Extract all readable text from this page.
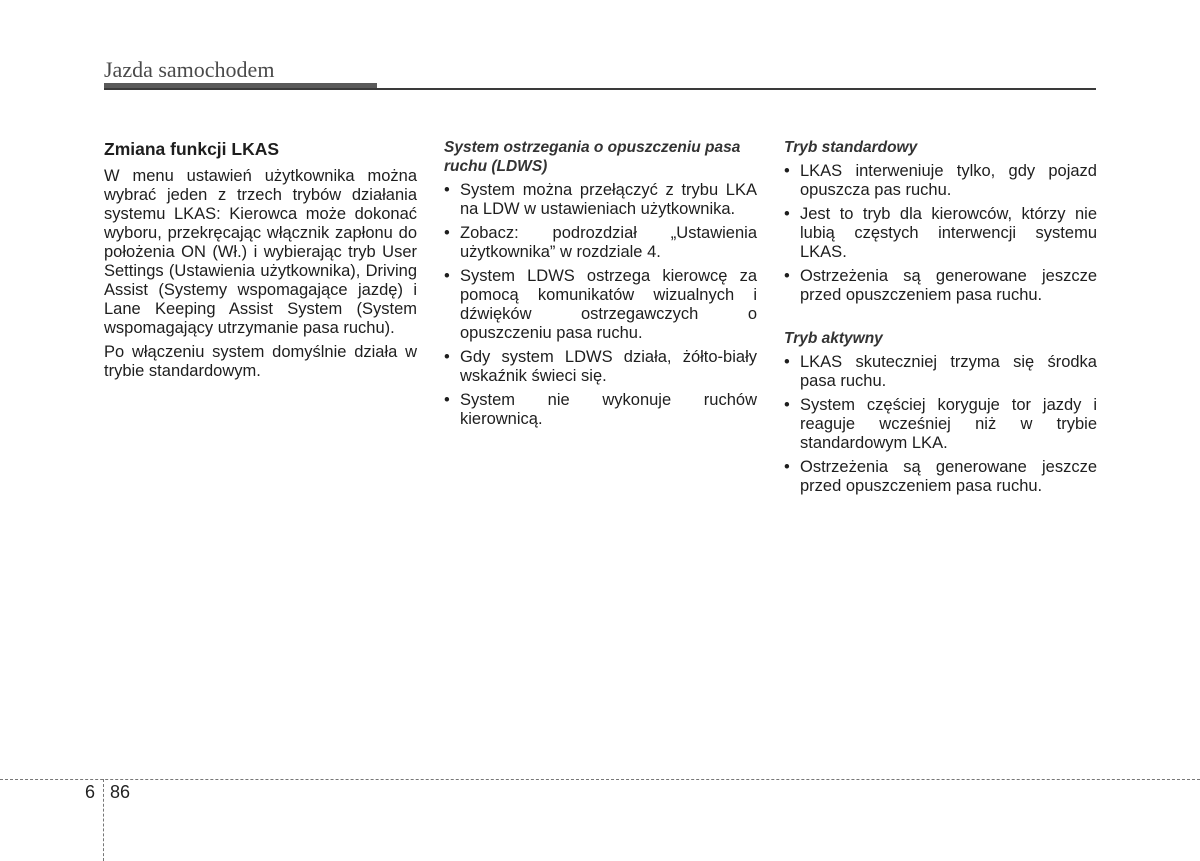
Jazda samochodem
Zmiana funkcji LKAS

W menu ustawień użytkownika można wybrać jeden z trzech trybów działania systemu LKAS: Kierowca może dokonać wyboru, przekręcając włącznik zapłonu do położenia ON (Wł.) i wybierając tryb User Settings (Ustawienia użytkownika), Driving Assist (Systemy wspomagające jazdę) i Lane Keeping Assist System (System wspomagający utrzymanie pasa ruchu).

Po włączeniu system domyślnie działa w trybie standardowym.

System ostrzegania o opuszczeniu pasa ruchu (LDWS)
• System można przełączyć z trybu LKA na LDW w ustawieniach użytkownika.
• Zobacz: podrozdział „Ustawienia użytkownika” w rozdziale 4.
• System LDWS ostrzega kierowcę za pomocą komunikatów wizualnych i dźwięków ostrzegawczych o opuszczeniu pasa ruchu.
• Gdy system LDWS działa, żółto-biały wskaźnik świeci się.
• System nie wykonuje ruchów kierownicą.
Tryb standardowy
• LKAS interweniuje tylko, gdy pojazd opuszcza pas ruchu.
• Jest to tryb dla kierowców, którzy nie lubią częstych interwencji systemu LKAS.
• Ostrzeżenia są generowane jeszcze przed opuszczeniem pasa ruchu.
Tryb aktywny
• LKAS skuteczniej trzyma się środka pasa ruchu.
• System częściej koryguje tor jazdy i reaguje wcześniej niż w trybie standardowym LKA.
• Ostrzeżenia są generowane jeszcze przed opuszczeniem pasa ruchu.
6 86
